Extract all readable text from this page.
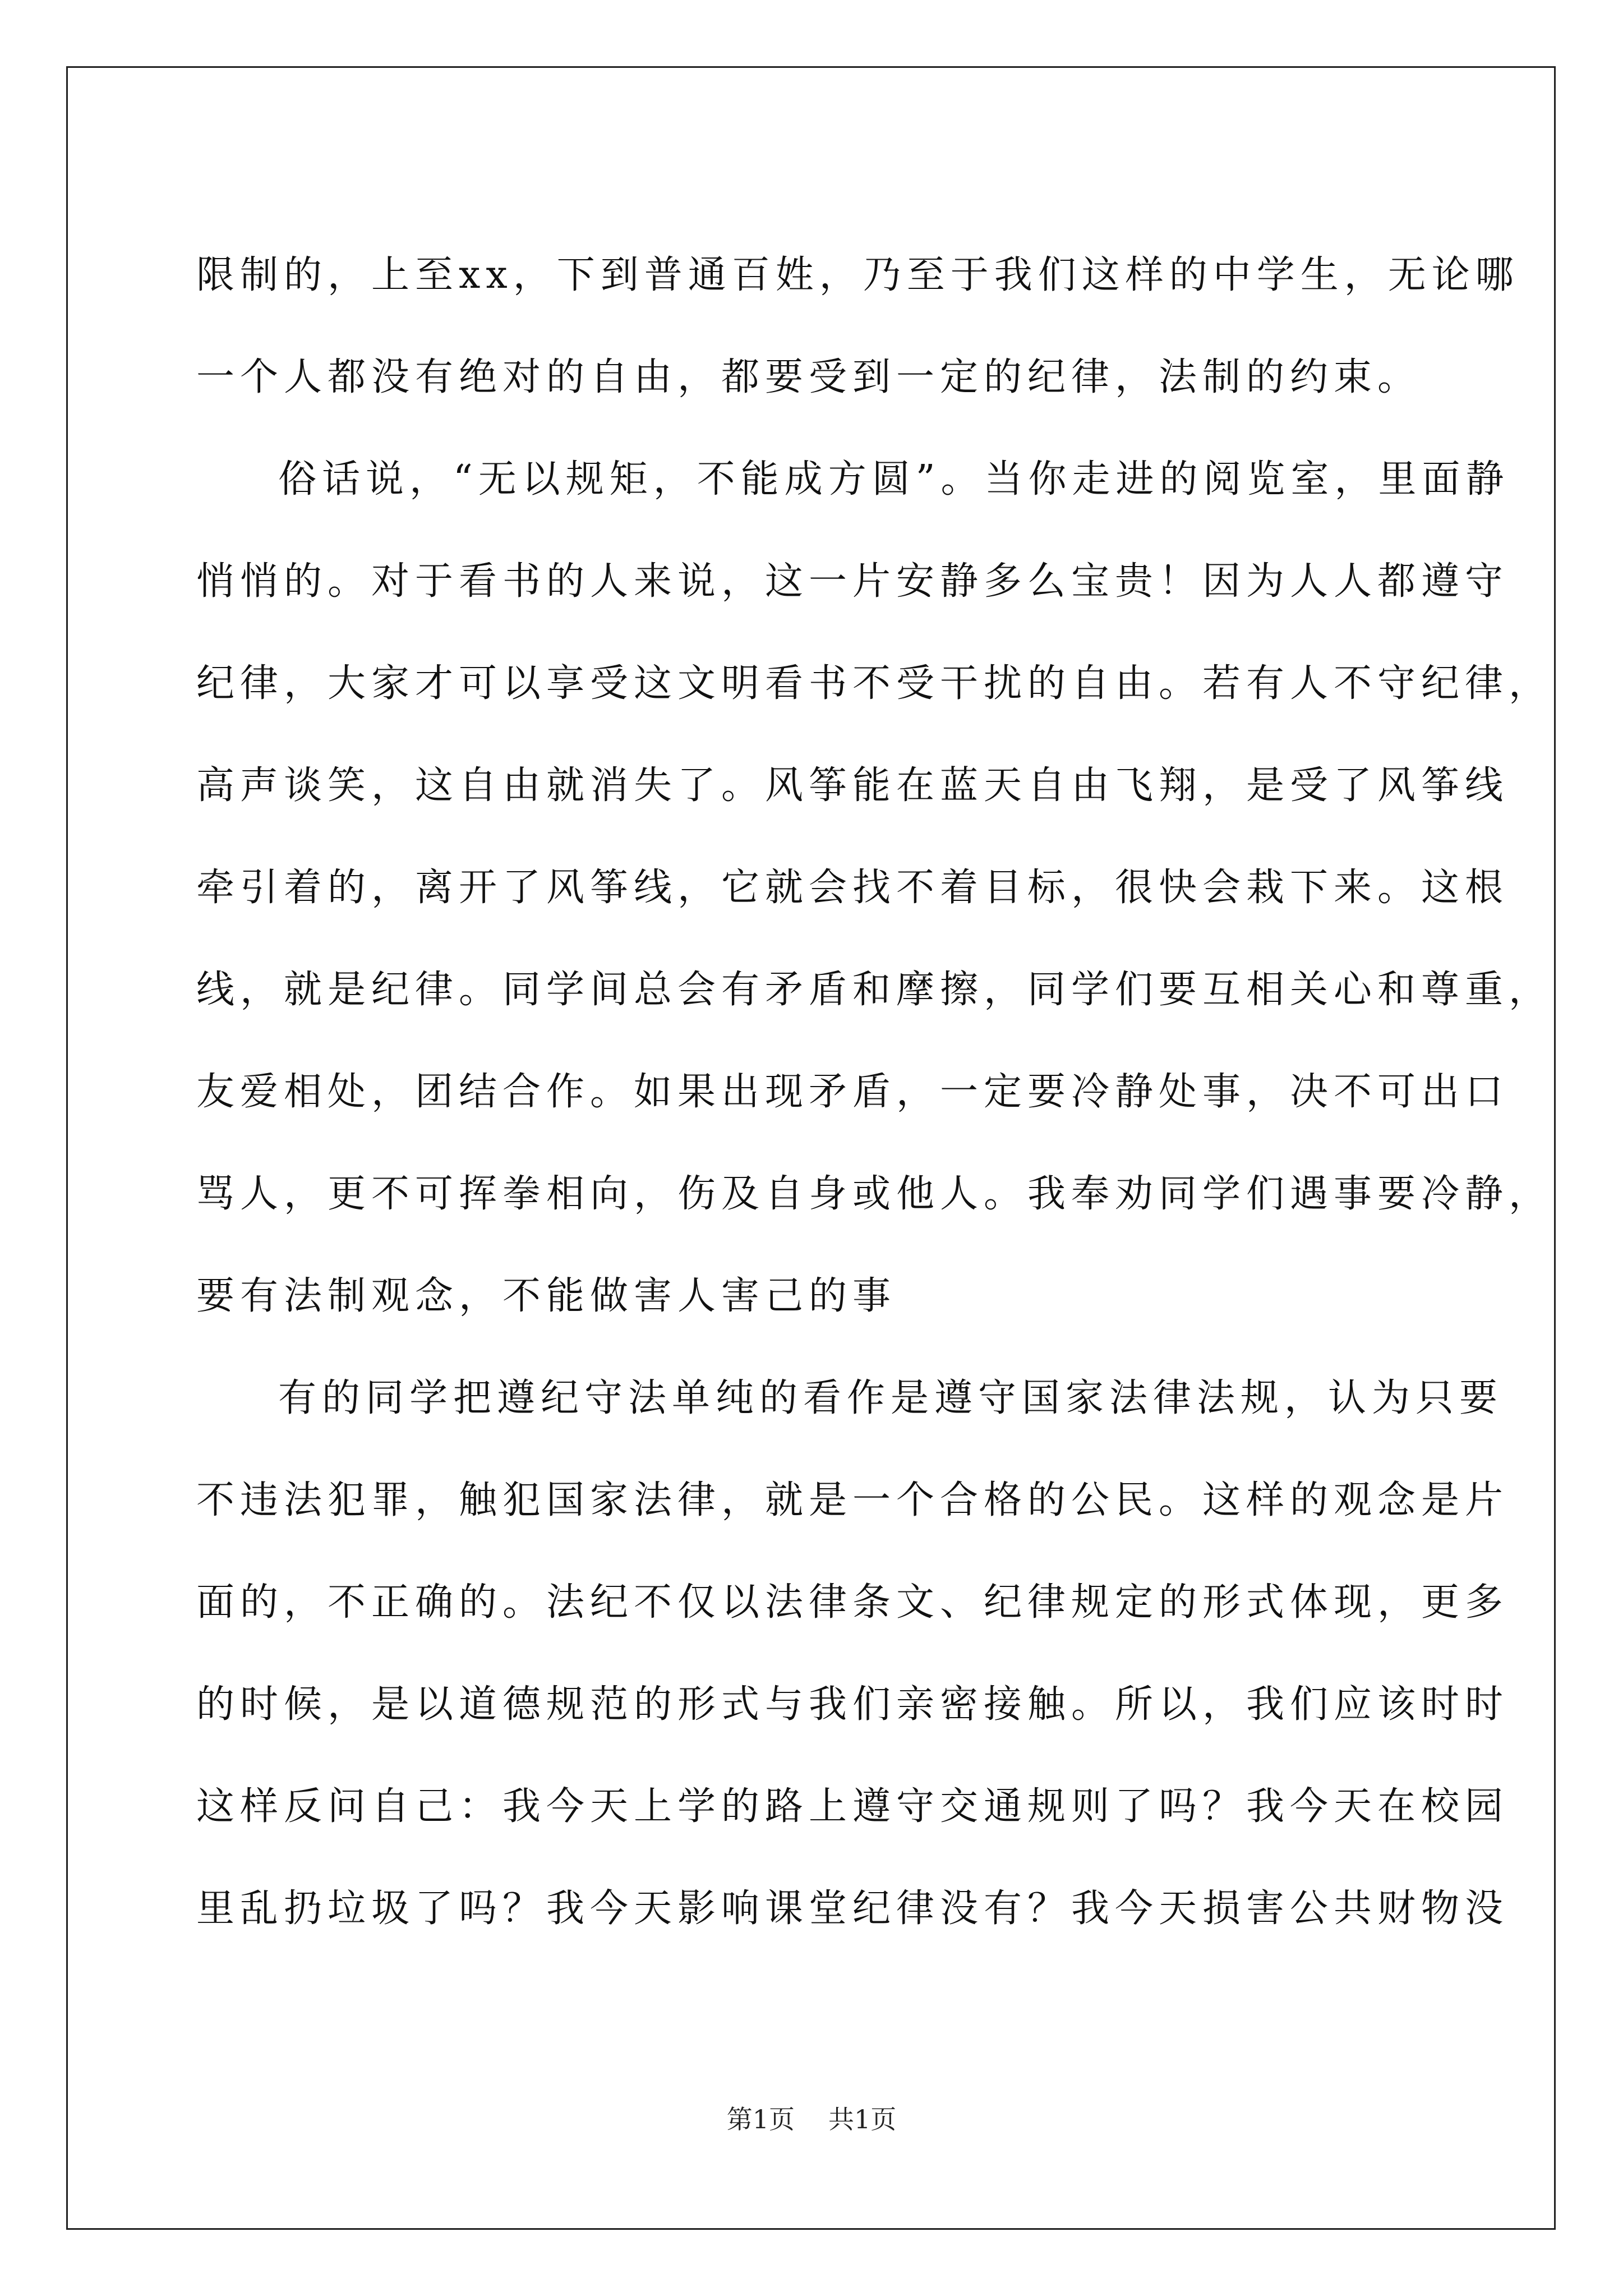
限制的，上至xx，下到普通百姓，乃至于我们这样的中学生，无论哪
一个人都没有绝对的自由，都要受到一定的纪律，法制的约束。
俗话说，“无以规矩，不能成方圆”。当你走进的阅览室，里面静
悄悄的。对于看书的人来说，这一片安静多么宝贵！因为人人都遵守
纪律，大家才可以享受这文明看书不受干扰的自由。若有人不守纪律，
高声谈笑，这自由就消失了。风筝能在蓝天自由飞翔，是受了风筝线
牵引着的，离开了风筝线，它就会找不着目标，很快会栽下来。这根
线，就是纪律。同学间总会有矛盾和摩擦，同学们要互相关心和尊重，
友爱相处，团结合作。如果出现矛盾，一定要冷静处事，决不可出口
骂人，更不可挥拳相向，伤及自身或他人。我奉劝同学们遇事要冷静，
要有法制观念，不能做害人害己的事
有的同学把遵纪守法单纯的看作是遵守国家法律法规，认为只要
不违法犯罪，触犯国家法律，就是一个合格的公民。这样的观念是片
面的，不正确的。法纪不仅以法律条文、纪律规定的形式体现，更多
的时候，是以道德规范的形式与我们亲密接触。所以，我们应该时时
这样反问自己：我今天上学的路上遵守交通规则了吗？我今天在校园
里乱扔垃圾了吗？我今天影响课堂纪律没有？我今天损害公共财物没
第1页 共1页
